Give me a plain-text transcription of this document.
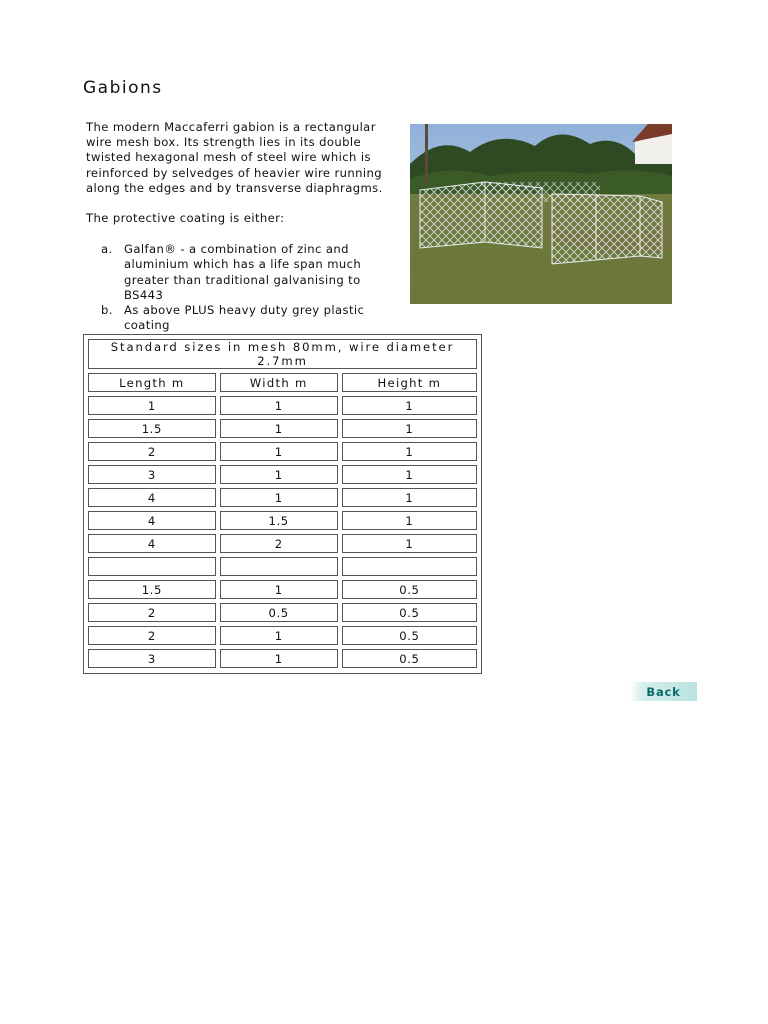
Gabions

The modern Maccaferri gabion is a rectangular wire mesh box. Its strength lies in its double twisted hexagonal mesh of steel wire which is reinforced by selvedges of heavier wire running along the edges and by transverse diaphragms.

The protective coating is either:

a. Galfan® - a combination of zinc and aluminium which has a life span much greater than traditional galvanising to BS443
b. As above PLUS heavy duty grey plastic coating
Standard sizes in mesh 80mm, wire diameter 2.7mm		
Length m	Width m	Height m
1	1	1
1.5	1	1
2	1	1
3	1	1
4	1	1
4	1.5	1
4	2	1

1.5	1	0.5
2	0.5	0.5
2	1	0.5
3	1	0.5
Back
